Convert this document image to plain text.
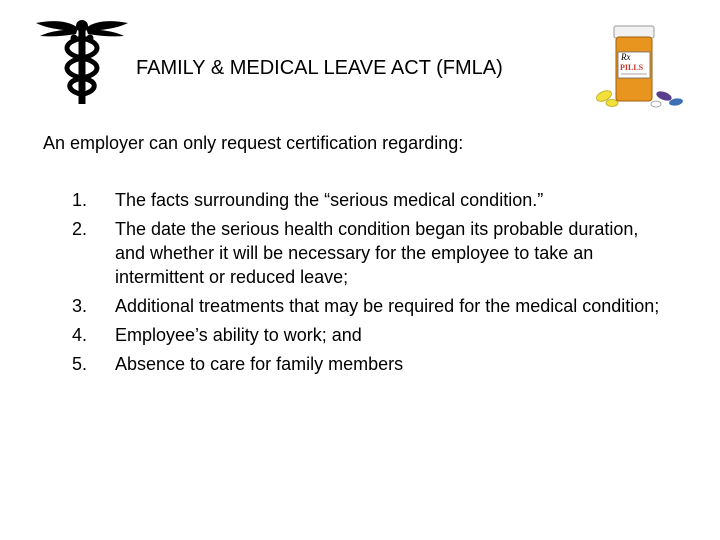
FAMILY & MEDICAL LEAVE ACT (FMLA)	Rx
PILLS
An employer can only request certification regarding:
1.	The facts surrounding the “serious medical condition.”
2.	The date the serious health condition began its probable duration, and whether it will be necessary for the employee to take an intermittent or reduced leave;
3.	Additional treatments that may be required for the medical condition;
4.	Employee’s ability to work; and
5.	Absence to care for family members
